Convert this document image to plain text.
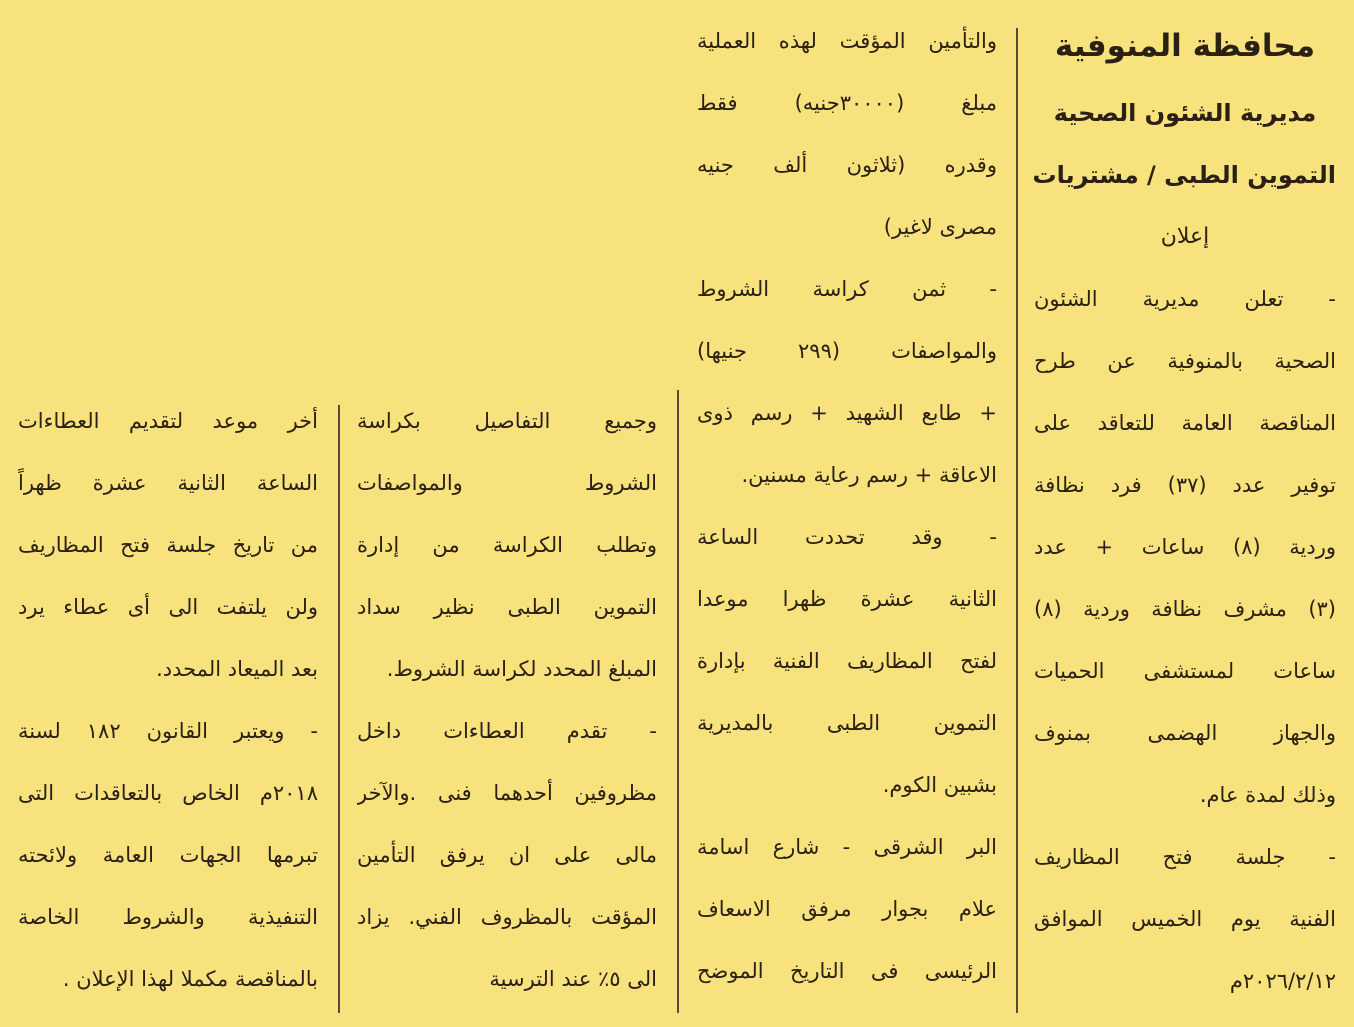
محافظة المنوفية
مديرية الشئون الصحية
التموين الطبى / مشتريات
إعلان
- تعلن مديرية الشئون
الصحية بالمنوفية عن طرح
المناقصة العامة للتعاقد على
توفير عدد (٣٧) فرد نظافة
وردية (٨) ساعات + عدد
(٣) مشرف نظافة وردية (٨)
ساعات لمستشفى الحميات
والجهاز الهضمى بمنوف
وذلك لمدة عام.
- جلسة فتح المظاريف
الفنية يوم الخميس الموافق
٢٠٢٦/٢/١٢م
والتأمين المؤقت لهذه العملية
مبلغ (٣٠٠٠٠جنيه) فقط
وقدره (ثلاثون ألف جنيه
مصرى لاغير)
- ثمن كراسة الشروط
والمواصفات (٢٩٩ جنيها)
+ طابع الشهيد + رسم ذوى
الاعاقة + رسم رعاية مسنين.
- وقد تحددت الساعة
الثانية عشرة ظهرا موعدا
لفتح المظاريف الفنية بإدارة
التموين الطبى بالمديرية
بشبين الكوم.
البر الشرقى - شارع اسامة
علام بجوار مرفق الاسعاف
الرئيسى فى التاريخ الموضح
وجميع التفاصيل بكراسة
الشروط والمواصفات
وتطلب الكراسة من إدارة
التموين الطبى نظير سداد
المبلغ المحدد لكراسة الشروط.
- تقدم العطاءات داخل
مظروفين أحدهما فنى .والآخر
مالى على ان يرفق التأمين
المؤقت بالمظروف الفني. يزاد
الى ٥٪ عند الترسية
أخر موعد لتقديم العطاءات
الساعة الثانية عشرة ظهراً
من تاريخ جلسة فتح المظاريف
ولن يلتفت الى أى عطاء يرد
بعد الميعاد المحدد.
- ويعتبر القانون ١٨٢ لسنة
٢٠١٨م الخاص بالتعاقدات التى
تبرمها الجهات العامة ولائحته
التنفيذية والشروط الخاصة
بالمناقصة مكملا لهذا الإعلان .
